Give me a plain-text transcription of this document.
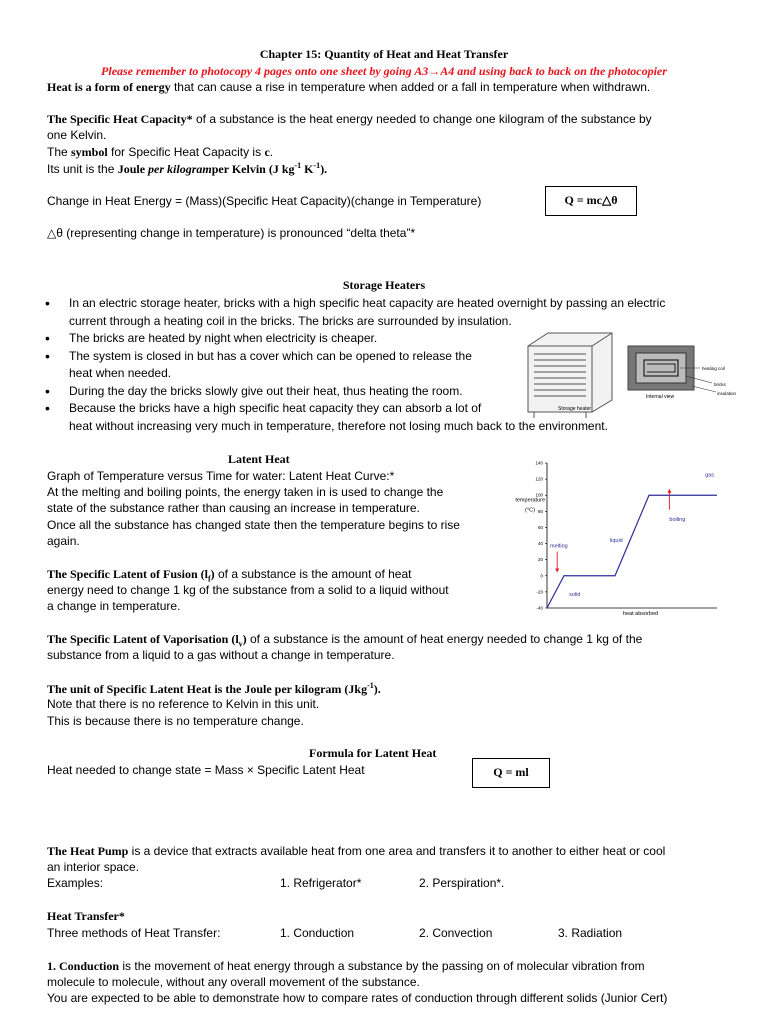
Chapter 15: Quantity of Heat and Heat Transfer
Please remember to photocopy 4 pages onto one sheet by going A3→A4 and using back to back on the photocopier
Heat is a form of energy that can cause a rise in temperature when added or a fall in temperature when withdrawn.
The Specific Heat Capacity* of a substance is the heat energy needed to change one kilogram of the substance by
one Kelvin.
The symbol for Specific Heat Capacity is c.
Its unit is the Joule per kilogramper Kelvin (J $kg^{-1}$ $K^{-1}$).
Change in Heat Energy = (Mass)(Specific Heat Capacity)(change in Temperature)	Q = mc△θ
△θ (representing change in temperature) is pronounced “delta theta”*
Storage Heaters
• In an electric storage heater, bricks with a high specific heat capacity are heated overnight by passing an electric
current through a heating coil in the bricks. The bricks are surrounded by insulation.
• The bricks are heated by night when electricity is cheaper.
• The system is closed in but has a cover which can be opened to release the
heat when needed.
• During the day the bricks slowly give out their heat, thus heating the room.
• Because the bricks have a high specific heat capacity they can absorb a lot of
heat without increasing very much in temperature, therefore not losing much back to the environment.
Storage heater
Internal view
heating coil
bricks
insulation
Latent Heat
Graph of Temperature versus Time for water: Latent Heat Curve:*
At the melting and boiling points, the energy taken in is used to change the
state of the substance rather than causing an increase in temperature.
Once all the substance has changed state then the temperature begins to rise
again.
The Specific Latent of Fusion $(l_f)$ of a substance is the amount of heat
energy need to change 1 kg of the substance from a solid to a liquid without
a change in temperature.
140
120
100
80
60
40
20
0
-20
-40
temperature
(°C)
heat absorbed
gas
boiling
liquid
melting
solid
The Specific Latent of Vaporisation $(l_v)$ of a substance is the amount of heat energy needed to change 1 kg of the
substance from a liquid to a gas without a change in temperature.
The unit of Specific Latent Heat is the Joule per kilogram (Jkg$^{-1}$).
Note that there is no reference to Kelvin in this unit.
This is because there is no temperature change.
Formula for Latent Heat
Heat needed to change state = Mass × Specific Latent Heat	Q = ml
The Heat Pump is a device that extracts available heat from one area and transfers it to another to either heat or cool
an interior space.
Examples:	1. Refrigerator*	2. Perspiration*.
Heat Transfer*
Three methods of Heat Transfer:	1. Conduction	2. Convection	3. Radiation
1. Conduction is the movement of heat energy through a substance by the passing on of molecular vibration from
molecule to molecule, without any overall movement of the substance.
You are expected to be able to demonstrate how to compare rates of conduction through different solids (Junior Cert)
